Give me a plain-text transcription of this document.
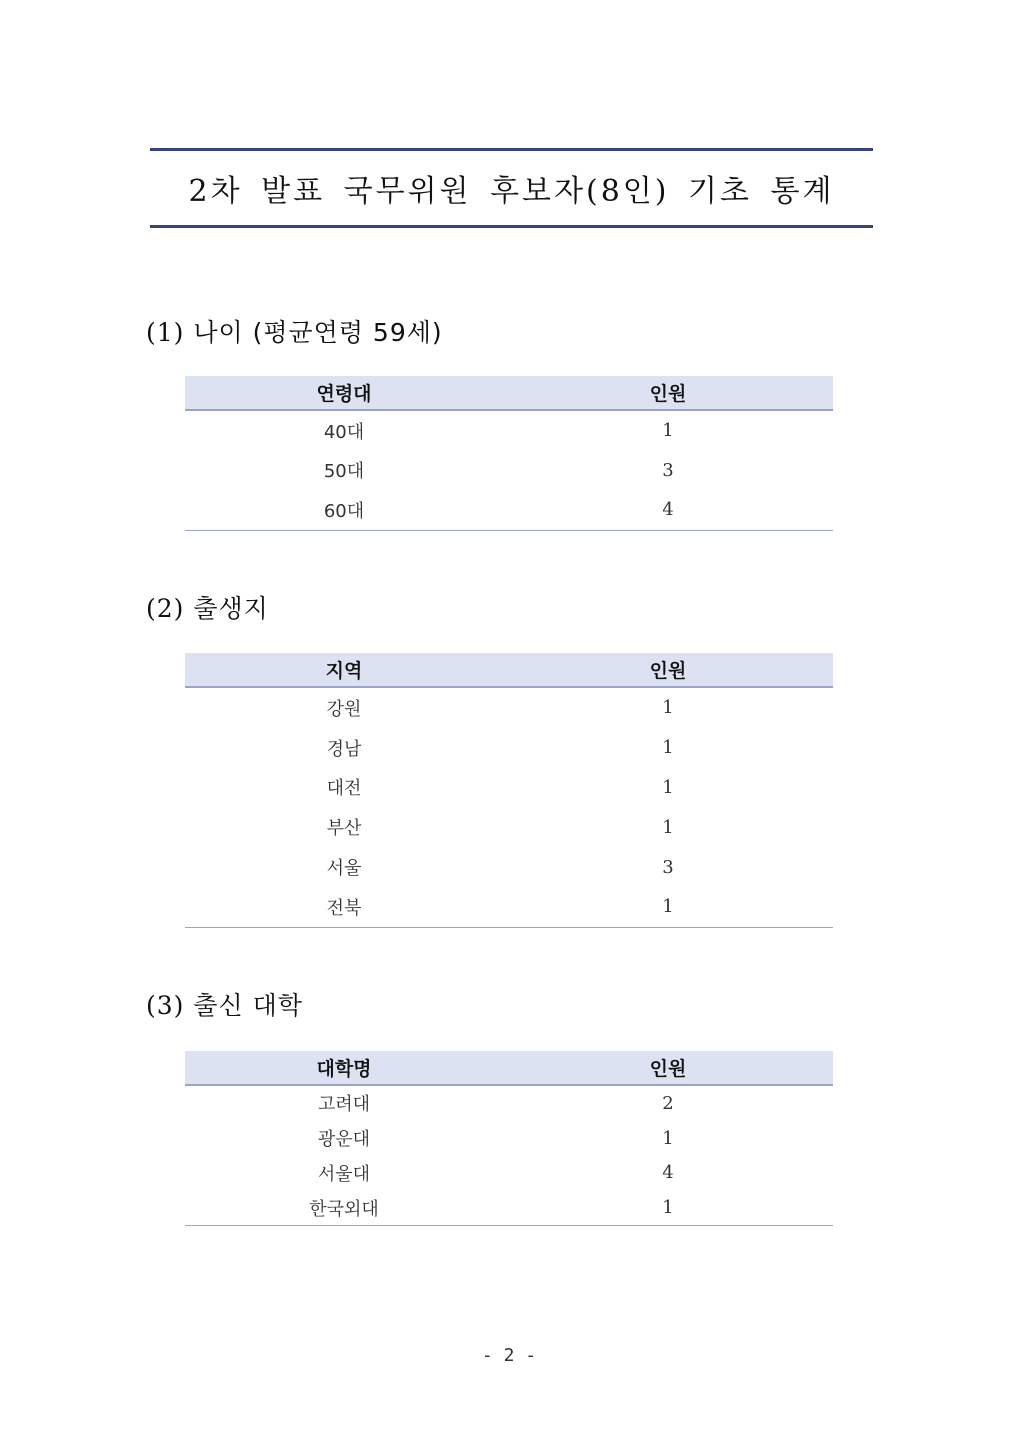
2차 발표 국무위원 후보자(8인) 기초 통계
(1) 나이 (평균연령 59세)
연령대	인원
40대	1
50대	3
60대	4
(2) 출생지
지역	인원
강원	1
경남	1
대전	1
부산	1
서울	3
전북	1
(3) 출신 대학
대학명	인원
고려대	2
광운대	1
서울대	4
한국외대	1
- 2 -
